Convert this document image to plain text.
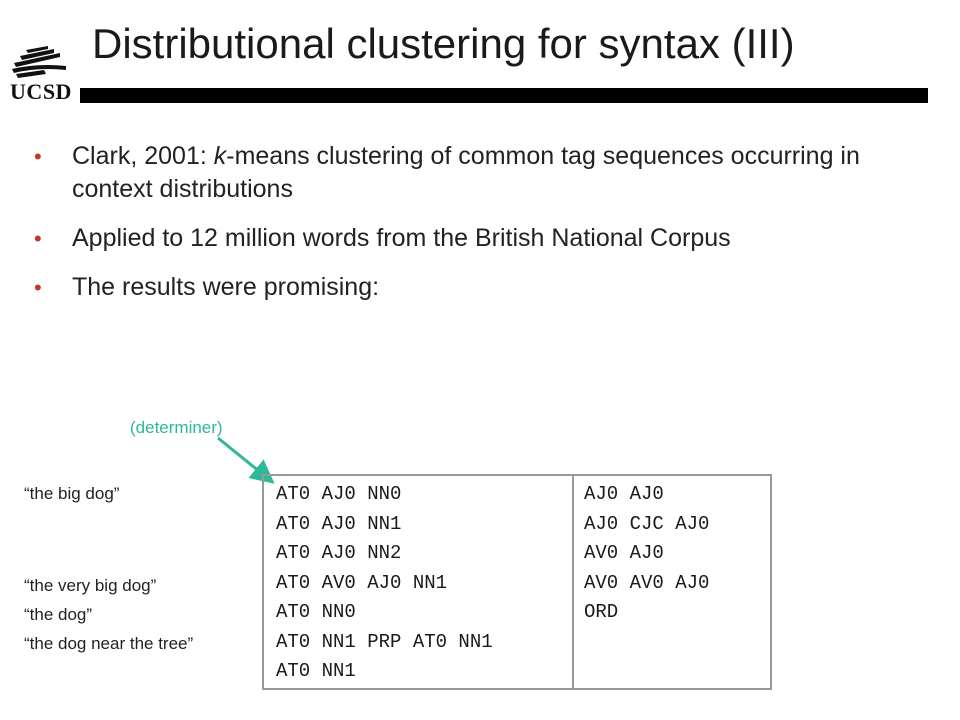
UCSD
Distributional clustering for syntax (III)
• Clark, 2001: k-means clustering of common tag sequences occurring in context distributions
• Applied to 12 million words from the British National Corpus
• The results were promising:
(determiner)
“the big dog”
“the very big dog”
“the dog”
“the dog near the tree”
AT0 AJ0 NN0
AT0 AJ0 NN1
AT0 AJ0 NN2
AT0 AV0 AJ0 NN1
AT0 NN0
AT0 NN1 PRP AT0 NN1
AT0 NN1
AJ0 AJ0
AJ0 CJC AJ0
AV0 AJ0
AV0 AV0 AJ0
ORD
